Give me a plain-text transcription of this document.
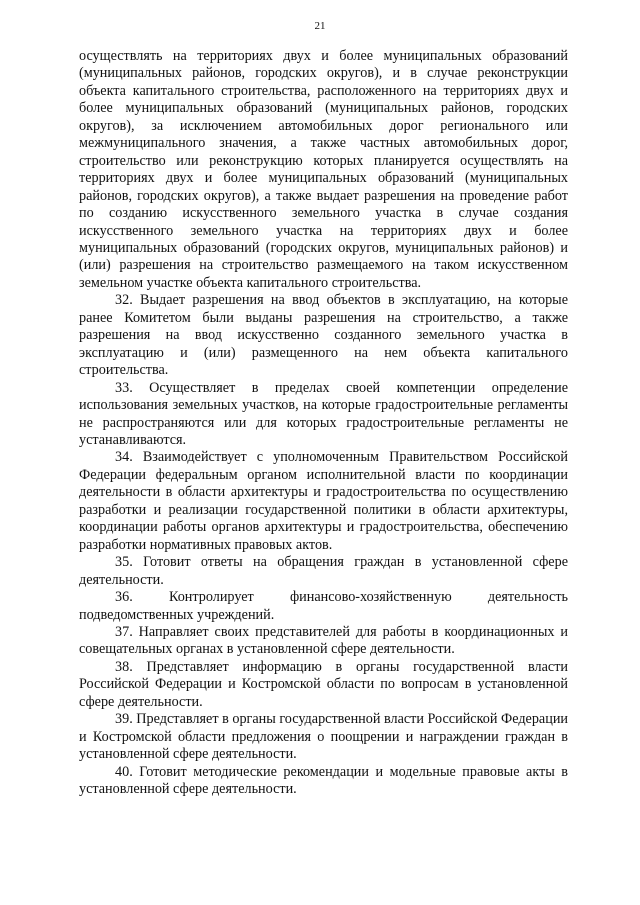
21

осуществлять на территориях двух и более муниципальных образований (муниципальных районов, городских округов), и в случае реконструкции объекта капитального строительства, расположенного на территориях двух и более муниципальных образований (муниципальных районов, городских округов), за исключением автомобильных дорог регионального или межмуниципального значения, а также частных автомобильных дорог, строительство или реконструкцию которых планируется осуществлять на территориях двух и более муниципальных образований (муниципальных районов, городских округов), а также выдает разрешения на проведение работ по созданию искусственного земельного участка в случае создания искусственного земельного участка на территориях двух и более муниципальных образований (городских округов, муниципальных районов) и (или) разрешения на строительство размещаемого на таком искусственном земельном участке объекта капитального строительства.

32. Выдает разрешения на ввод объектов в эксплуатацию, на которые ранее Комитетом были выданы разрешения на строительство, а также разрешения на ввод искусственно созданного земельного участка в эксплуатацию и (или) размещенного на нем объекта капитального строительства.

33. Осуществляет в пределах своей компетенции определение использования земельных участков, на которые градостроительные регламенты не распространяются или для которых градостроительные регламенты не устанавливаются.

34. Взаимодействует с уполномоченным Правительством Российской Федерации федеральным органом исполнительной власти по координации деятельности в области архитектуры и градостроительства по осуществлению разработки и реализации государственной политики в области архитектуры, координации работы органов архитектуры и градостроительства, обеспечению разработки нормативных правовых актов.

35. Готовит ответы на обращения граждан в установленной сфере деятельности.

36. Контролирует финансово-хозяйственную деятельность подведомственных учреждений.

37. Направляет своих представителей для работы в координационных и совещательных органах в установленной сфере деятельности.

38. Представляет информацию в органы государственной власти Российской Федерации и Костромской области по вопросам в установленной сфере деятельности.

39. Представляет в органы государственной власти Российской Федерации и Костромской области предложения о поощрении и награждении граждан в установленной сфере деятельности.

40. Готовит методические рекомендации и модельные правовые акты в установленной сфере деятельности.
